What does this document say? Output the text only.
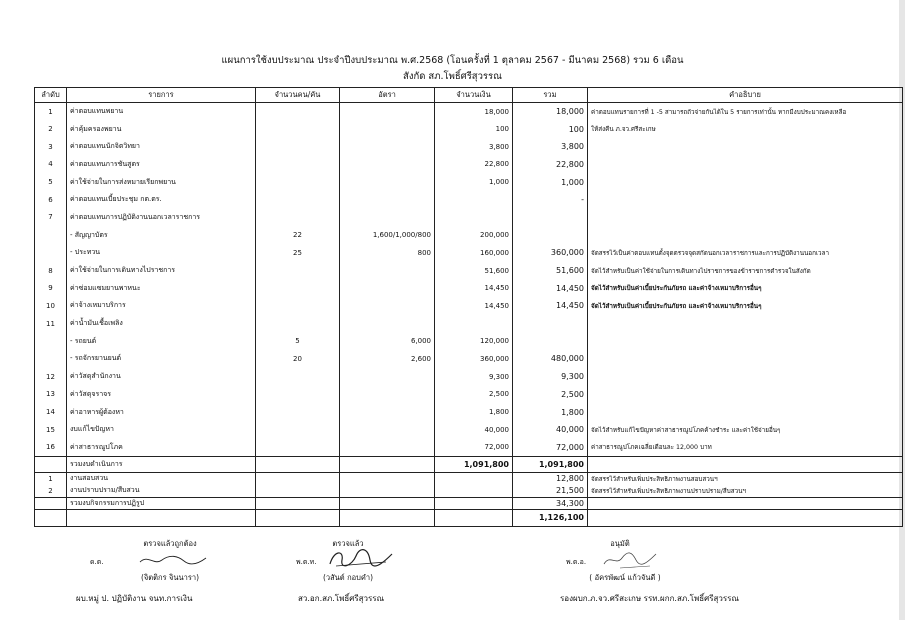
แผนการใช้งบประมาณ ประจำปีงบประมาณ พ.ศ.2568 (โอนครั้งที่ 1 ตุลาคม 2567 - มีนาคม 2568) รวม 6 เดือน
สังกัด สภ.โพธิ์ศรีสุวรรณ
ลำดับ	รายการ	จำนวนคน/คัน	อัตรา	จำนวนเงิน	รวม	คำอธิบาย
1	ค่าตอบแทนพยาน			18,000	18,000	ค่าตอบแทนรายการที่ 1 -5 สามารถถัวจ่ายกันได้ใน 5 รายการเท่านั้น หากมีงบประมาณคงเหลือ
2	ค่าคุ้มครองพยาน			100	100	ให้ส่งคืน ภ.จว.ศรีสะเกษ
3	ค่าตอบแทนนักจิตวิทยา			3,800	3,800	
4	ค่าตอบแทนการชันสูตร			22,800	22,800	
5	ค่าใช้จ่ายในการส่งหมายเรียกพยาน			1,000	1,000	
6	ค่าตอบแทนเบี้ยประชุม กต.ตร.				-	
7	ค่าตอบแทนการปฏิบัติงานนอกเวลาราชการ					
	- สัญญาบัตร	22	1,600/1,000/800	200,000		
	- ประทวน	25	800	160,000	360,000	จัดสรรไว้เป็นค่าตอบแทนตั้งจุดตรวจจุดสกัดนอกเวลาราชการและการปฏิบัติงานนอกเวลา
8	ค่าใช้จ่ายในการเดินทางไปราชการ			51,600	51,600	จัดไว้สำหรับเป็นค่าใช้จ่ายในการเดินทางไปราชการของข้าราชการตำรวจในสังกัด
9	ค่าซ่อมแซมยานพาหนะ			14,450	14,450	จัดไว้สำหรับเป็นค่าเบี้ยประกันภัยรถ และค่าจ้างเหมาบริการอื่นๆ
10	ค่าจ้างเหมาบริการ			14,450	14,450	จัดไว้สำหรับเป็นค่าเบี้ยประกันภัยรถ และค่าจ้างเหมาบริการอื่นๆ
11	ค่าน้ำมันเชื้อเพลิง					
	- รถยนต์	5	6,000	120,000		
	- รถจักรยานยนต์	20	2,600	360,000	480,000	
12	ค่าวัสดุสำนักงาน			9,300	9,300	
13	ค่าวัสดุจราจร			2,500	2,500	
14	ค่าอาหารผู้ต้องหา			1,800	1,800	
15	งบแก้ไขปัญหา			40,000	40,000	จัดไว้สำหรับแก้ไขปัญหาค่าสาธารณูปโภคค้างชำระ และค่าใช้จ่ายอื่นๆ
16	ค่าสาธารณูปโภค			72,000	72,000	ค่าสาธารณูปโภคเฉลี่ยเดือนละ 12,000 บาท
	รวมงบดำเนินการ			1,091,800	1,091,800	
1	งานสอบสวน				12,800	จัดสรรไว้สำหรับเพิ่มประสิทธิภาพงานสอบสวนฯ
2	งานปราบปราม/สืบสวน				21,500	จัดสรรไว้สำหรับเพิ่มประสิทธิภาพงานปราบปราม/สืบสวนฯ
	รวมงบกิจกรรมการปฏิรูป				34,300	
					1,126,100	
ตรวจแล้วถูกต้อง
ด.ต.
(จิตติกร จินนารา)
ผบ.หมู่ ป. ปฏิบัติงาน จนท.การเงิน
ตรวจแล้ว
พ.ต.ท.
(วสันต์ กอบคำ)
สว.อก.สภ.โพธิ์ศรีสุวรรณ
อนุมัติ
พ.ต.อ.
( อัครพัฒน์ แก้วจันดี )
รองผบก.ภ.จว.ศรีสะเกษ รรท.ผกก.สภ.โพธิ์ศรีสุวรรณ
